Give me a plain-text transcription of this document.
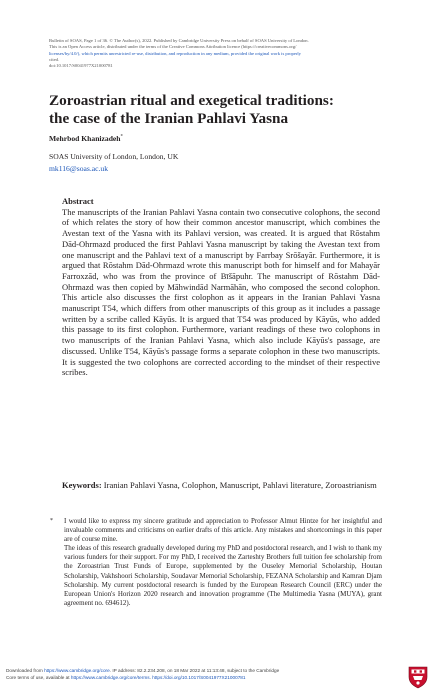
Bulletin of SOAS, Page 1 of 36. © The Author(s), 2022. Published by Cambridge University Press on behalf of SOAS University of London.
This is an Open Access article, distributed under the terms of the Creative Commons Attribution licence (https://creativecommons.org/
licenses/by/4.0/), which permits unrestricted re-use, distribution, and reproduction in any medium, provided the original work is properly
cited.
doi:10.1017/S0041977X21000781
Zoroastrian ritual and exegetical traditions:
the case of the Iranian Pahlavi Yasna
Mehrbod Khanizadeh*
SOAS University of London, London, UK
mk116@soas.ac.uk
Abstract
The manuscripts of the Iranian Pahlavi Yasna contain two consecutive colophons, the second of which relates the story of how their common ancestor manuscript, which combines the Avestan text of the Yasna with its Pahlavi version, was created. It is argued that Rōstahm Dād-Ohrmazd produced the first Pahlavi Yasna manuscript by taking the Avestan text from one manuscript and the Pahlavi text of a manuscript by Farrbay Srōšayār. Furthermore, it is argued that Rōstahm Dād-Ohrmazd wrote this manuscript both for himself and for Mahayār Farroxzād, who was from the province of Bīšāpuhr. The manuscript of Rōstahm Dād-Ohrmazd was then copied by Māhwindād Narmāhān, who composed the second colophon. This article also discusses the first colophon as it appears in the Iranian Pahlavi Yasna manuscript T54, which differs from other manuscripts of this group as it includes a passage written by a scribe called Kāyūs. It is argued that T54 was produced by Kāyūs, who added this passage to its first colophon. Furthermore, variant readings of these two colophons in two manuscripts of the Iranian Pahlavi Yasna, which also include Kāyūs's passage, are discussed. Unlike T54, Kāyūs's passage forms a separate colophon in these two manuscripts. It is suggested the two colophons are corrected according to the mindset of their respective scribes.
Keywords: Iranian Pahlavi Yasna, Colophon, Manuscript, Pahlavi literature, Zoroastrianism
* I would like to express my sincere gratitude and appreciation to Professor Almut Hintze for her insightful and invaluable comments and criticisms on earlier drafts of this article. Any mistakes and shortcomings in this paper are of course mine.

The ideas of this research gradually developed during my PhD and postdoctoral research, and I wish to thank my various funders for their support. For my PhD, I received the Zarteshty Brothers full tuition fee scholarship from the Zoroastrian Trust Funds of Europe, supplemented by the Ouseley Memorial Scholarship, Houtan Scholarship, Vakhshoori Scholarship, Soudavar Memorial Scholarship, FEZANA Scholarship and Kamran Djam Scholarship. My current postdoctoral research is funded by the European Research Council (ERC) under the European Union's Horizon 2020 research and innovation programme (The Multimedia Yasna (MUYA), grant agreement no. 694612).

Downloaded from https://www.cambridge.org/core. IP address: 82.2.234.208, on 18 Mar 2022 at 11:13:48, subject to the Cambridge
Core terms of use, available at https://www.cambridge.org/core/terms. https://doi.org/10.1017/S0041977X21000781
